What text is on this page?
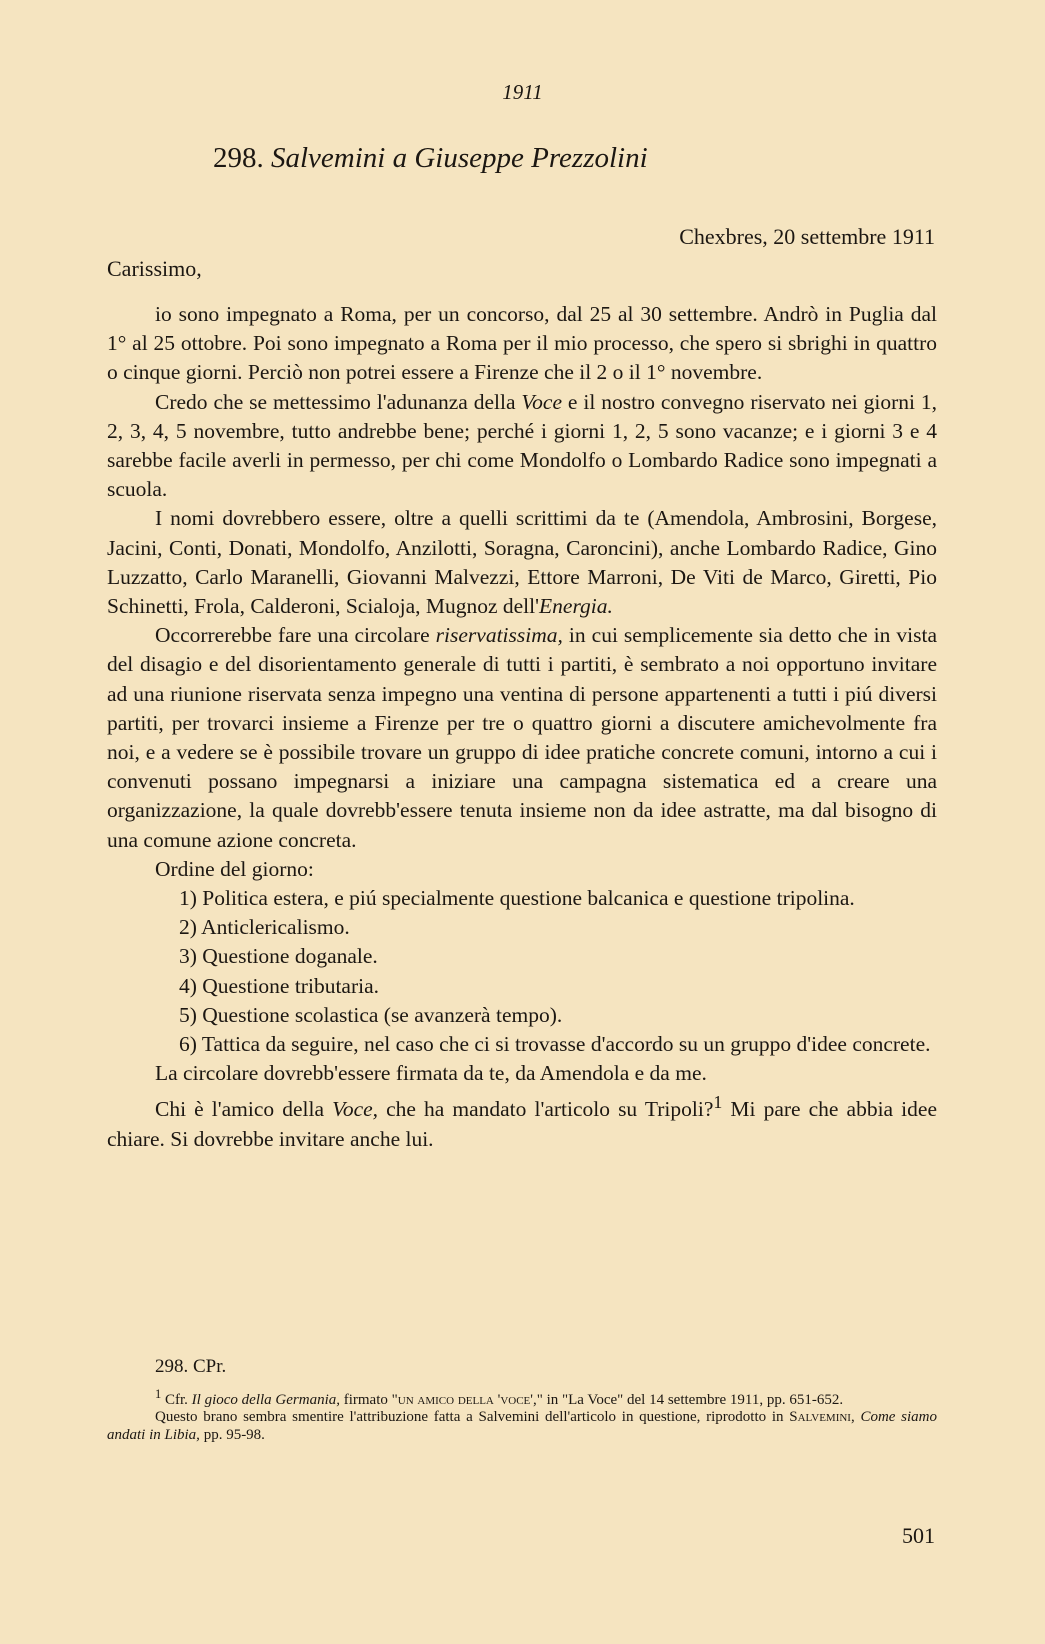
1911
298. Salvemini a Giuseppe Prezzolini
Chexbres, 20 settembre 1911
Carissimo,

io sono impegnato a Roma, per un concorso, dal 25 al 30 settembre. Andrò in Puglia dal 1° al 25 ottobre. Poi sono impegnato a Roma per il mio processo, che spero si sbrighi in quattro o cinque giorni. Perciò non potrei essere a Firenze che il 2 o il 1° novembre.

Credo che se mettessimo l'adunanza della Voce e il nostro convegno riservato nei giorni 1, 2, 3, 4, 5 novembre, tutto andrebbe bene; perché i giorni 1, 2, 5 sono vacanze; e i giorni 3 e 4 sarebbe facile averli in permesso, per chi come Mondolfo o Lombardo Radice sono impegnati a scuola.

I nomi dovrebbero essere, oltre a quelli scrittimi da te (Amendola, Ambrosini, Borgese, Jacini, Conti, Donati, Mondolfo, Anzilotti, Soragna, Caroncini), anche Lombardo Radice, Gino Luzzatto, Carlo Maranelli, Giovanni Malvezzi, Ettore Marroni, De Viti de Marco, Giretti, Pio Schinetti, Frola, Calderoni, Scialoja, Mugnoz dell'Energia.

Occorrerebbe fare una circolare riservatissima, in cui semplicemente sia detto che in vista del disagio e del disorientamento generale di tutti i partiti, è sembrato a noi opportuno invitare ad una riunione riservata senza impegno una ventina di persone appartenenti a tutti i piú diversi partiti, per trovarci insieme a Firenze per tre o quattro giorni a discutere amichevolmente fra noi, e a vedere se è possibile trovare un gruppo di idee pratiche concrete comuni, intorno a cui i convenuti possano impegnarsi a iniziare una campagna sistematica ed a creare una organizzazione, la quale dovrebb'essere tenuta insieme non da idee astratte, ma dal bisogno di una comune azione concreta.

Ordine del giorno:

1) Politica estera, e piú specialmente questione balcanica e questione tripolina.

2) Anticlericalismo.

3) Questione doganale.

4) Questione tributaria.

5) Questione scolastica (se avanzerà tempo).

6) Tattica da seguire, nel caso che ci si trovasse d'accordo su un gruppo d'idee concrete.

La circolare dovrebb'essere firmata da te, da Amendola e da me.

Chi è l'amico della Voce, che ha mandato l'articolo su Tripoli?$^1$ Mi pare che abbia idee chiare. Si dovrebbe invitare anche lui.

298. CPr.

$^1$ Cfr. Il gioco della Germania, firmato "un amico della 'voce'," in "La Voce" del 14 settembre 1911, pp. 651-652.

Questo brano sembra smentire l'attribuzione fatta a Salvemini dell'articolo in questione, riprodotto in Salvemini, Come siamo andati in Libia, pp. 95-98.

501
